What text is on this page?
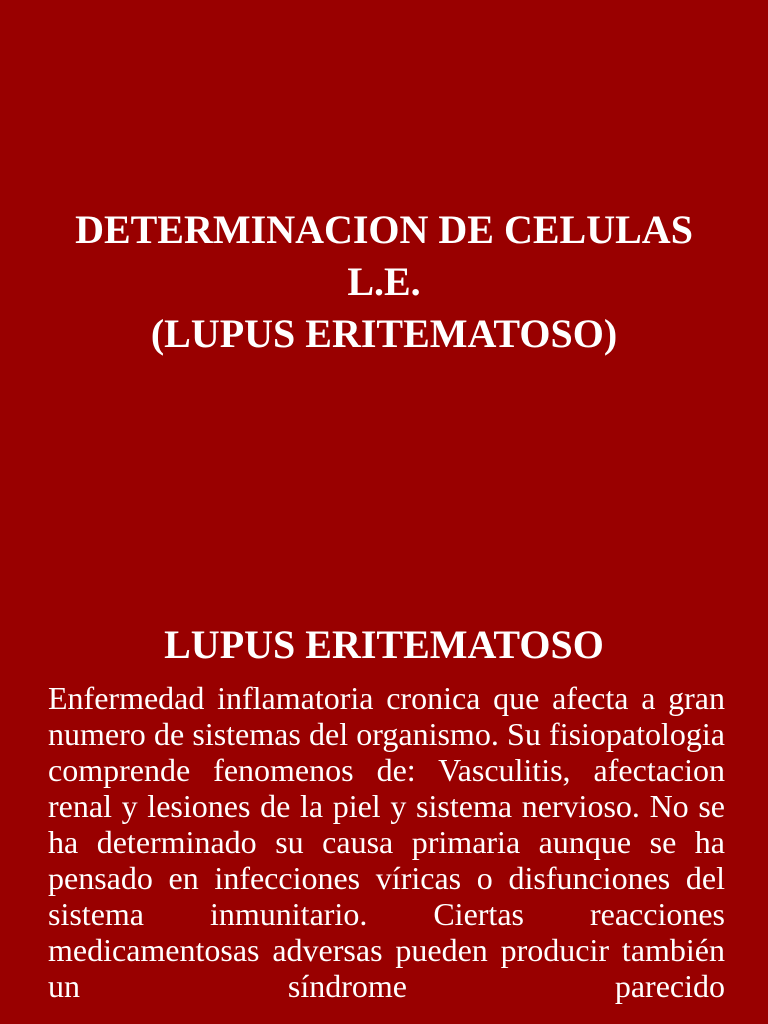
DETERMINACION DE CELULAS
L.E.
(LUPUS ERITEMATOSO)
LUPUS ERITEMATOSO
Enfermedad inflamatoria cronica que afecta a gran numero de sistemas del organismo. Su fisiopatologia comprende fenomenos de: Vasculitis, afectacion renal y lesiones de la piel y sistema nervioso. No se ha determinado su causa primaria aunque se ha pensado en infecciones víricas o disfunciones del sistema inmunitario. Ciertas reacciones medicamentosas adversas pueden producir también un síndrome parecido
